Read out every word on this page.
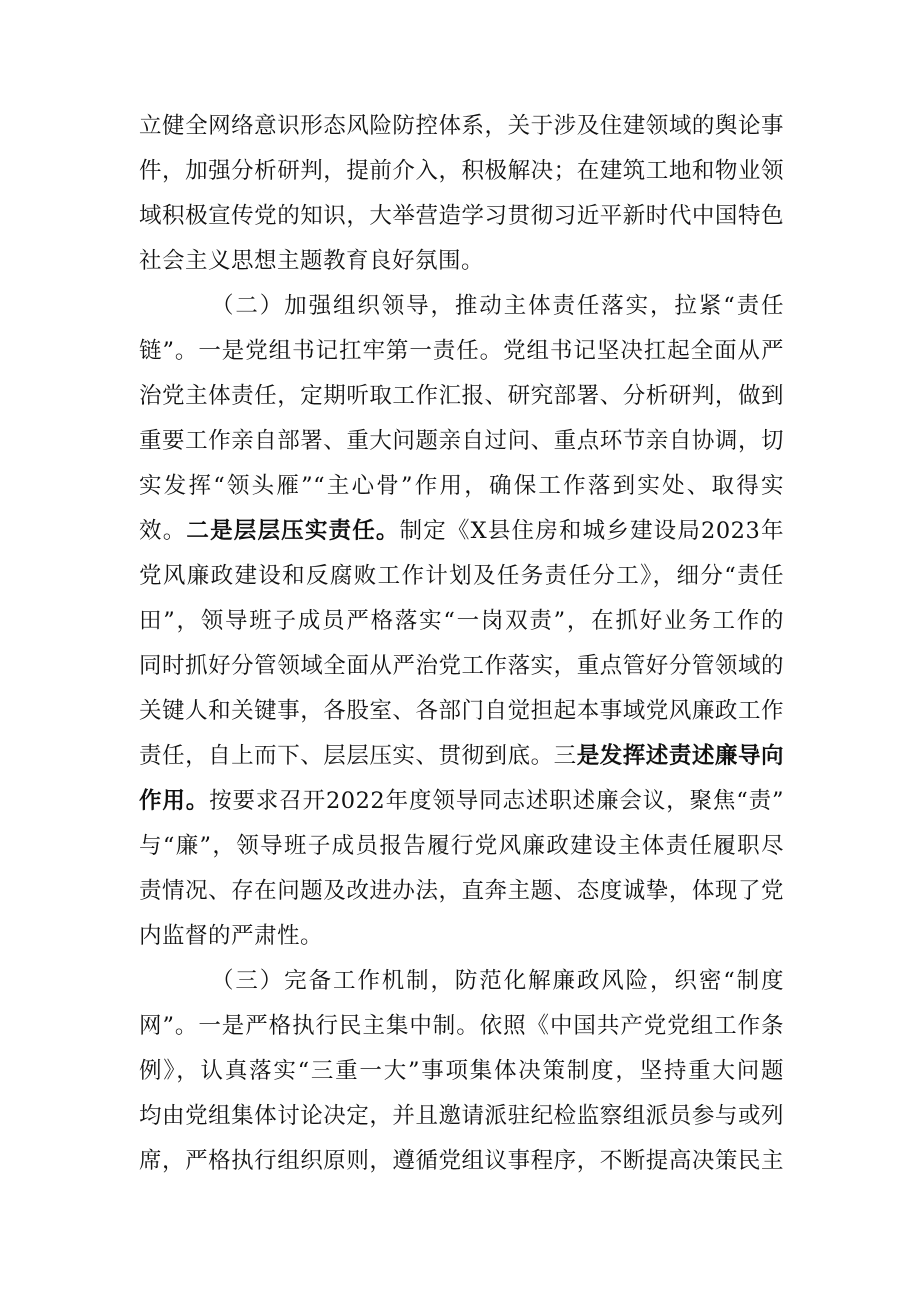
立健全网络意识形态风险防控体系，关于涉及住建领域的舆论事
件，加强分析研判，提前介入，积极解决；在建筑工地和物业领
域积极宣传党的知识，大举营造学习贯彻习近平新时代中国特色
社会主义思想主题教育良好氛围。
（二）加强组织领导，推动主体责任落实，拉紧“责任
链”。一是党组书记扛牢第一责任。党组书记坚决扛起全面从严
治党主体责任，定期听取工作汇报、研究部署、分析研判，做到
重要工作亲自部署、重大问题亲自过问、重点环节亲自协调，切
实发挥“领头雁”“主心骨”作用，确保工作落到实处、取得实
效。二是层层压实责任。制定《X县住房和城乡建设局2023年
党风廉政建设和反腐败工作计划及任务责任分工》，细分“责任
田”，领导班子成员严格落实“一岗双责”，在抓好业务工作的
同时抓好分管领域全面从严治党工作落实，重点管好分管领域的
关键人和关键事，各股室、各部门自觉担起本事域党风廉政工作
责任，自上而下、层层压实、贯彻到底。三是发挥述责述廉导向
作用。按要求召开2022年度领导同志述职述廉会议，聚焦“责”
与“廉”，领导班子成员报告履行党风廉政建设主体责任履职尽
责情况、存在问题及改进办法，直奔主题、态度诚挚，体现了党
内监督的严肃性。
（三）完备工作机制，防范化解廉政风险，织密“制度
网”。一是严格执行民主集中制。依照《中国共产党党组工作条
例》，认真落实“三重一大”事项集体决策制度，坚持重大问题
均由党组集体讨论决定，并且邀请派驻纪检监察组派员参与或列
席，严格执行组织原则，遵循党组议事程序，不断提高决策民主
